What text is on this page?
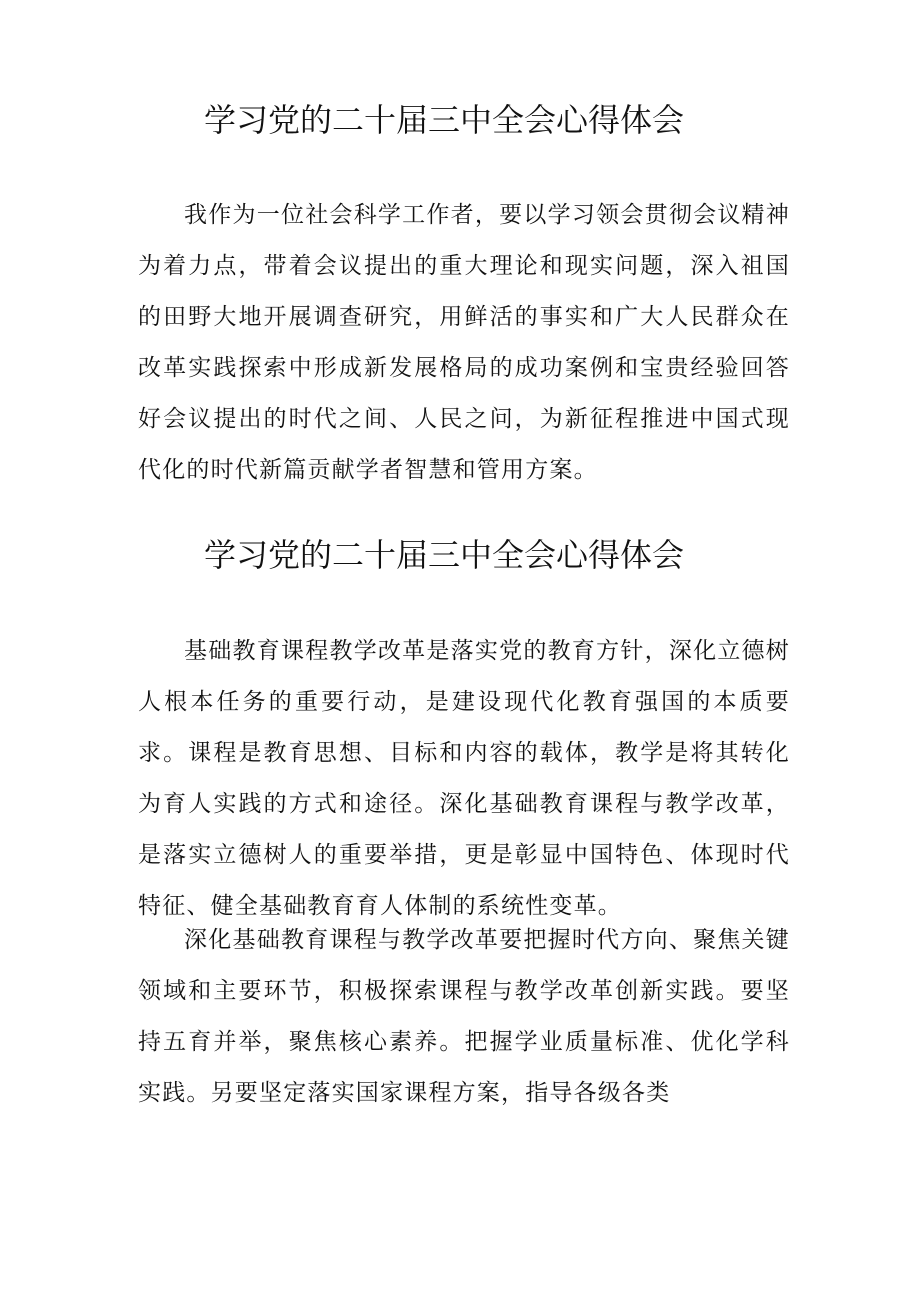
学习党的二十届三中全会心得体会

我作为一位社会科学工作者，要以学习领会贯彻会议精神为着力点，带着会议提出的重大理论和现实问题，深入祖国的田野大地开展调查研究，用鲜活的事实和广大人民群众在改革实践探索中形成新发展格局的成功案例和宝贵经验回答好会议提出的时代之间、人民之问，为新征程推进中国式现代化的时代新篇贡献学者智慧和管用方案。

学习党的二十届三中全会心得体会

基础教育课程教学改革是落实党的教育方针，深化立德树人根本任务的重要行动，是建设现代化教育强国的本质要求。课程是教育思想、目标和内容的载体，教学是将其转化为育人实践的方式和途径。深化基础教育课程与教学改革，是落实立德树人的重要举措，更是彰显中国特色、体现时代特征、健全基础教育育人体制的系统性变革。

深化基础教育课程与教学改革要把握时代方向、聚焦关键领域和主要环节，积极探索课程与教学改革创新实践。要坚持五育并举，聚焦核心素养。把握学业质量标准、优化学科实践。另要坚定落实国家课程方案，指导各级各类
